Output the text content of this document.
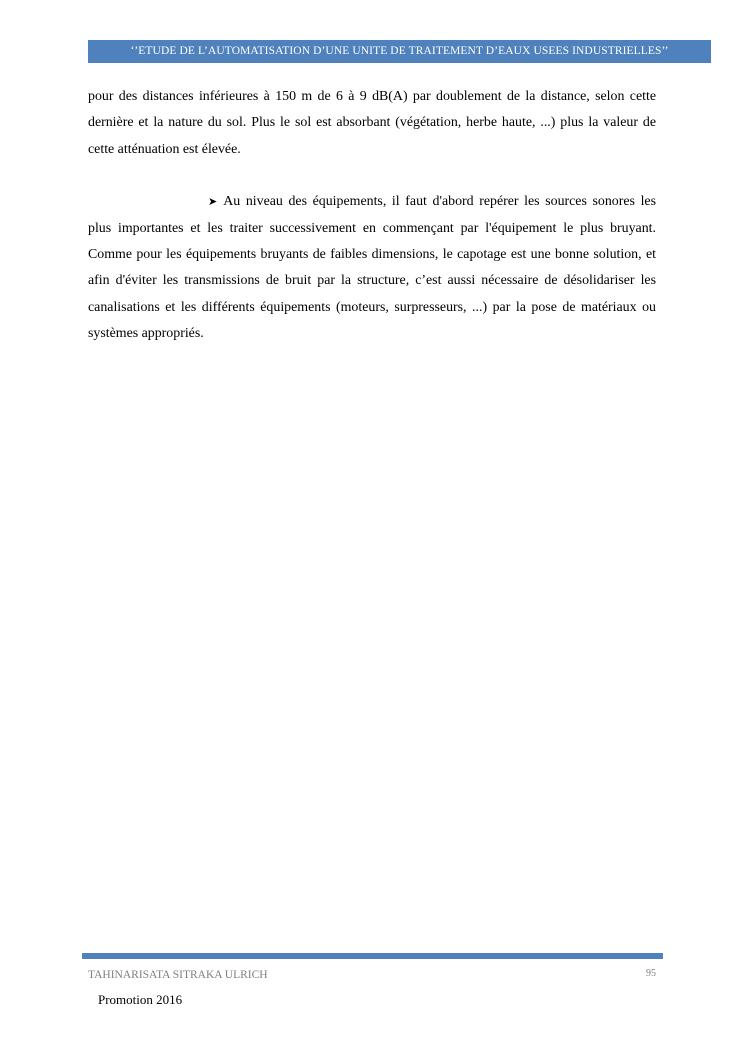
‘’ETUDE DE L’AUTOMATISATION D’UNE UNITE DE TRAITEMENT D’EAUX USEES INDUSTRIELLES’’

pour des distances inférieures à 150 m de 6 à 9 dB(A) par doublement de la distance, selon cette dernière et la nature du sol. Plus le sol est absorbant (végétation, herbe haute, ...) plus la valeur de cette atténuation est élevée.

➤ Au niveau des équipements, il faut d'abord repérer les sources sonores les plus importantes et les traiter successivement en commençant par l'équipement le plus bruyant. Comme pour les équipements bruyants de faibles dimensions, le capotage est une bonne solution, et afin d'éviter les transmissions de bruit par la structure, c’est aussi nécessaire de désolidariser les canalisations et les différents équipements (moteurs, surpresseurs, ...) par la pose de matériaux ou systèmes appropriés.

TAHINARISATA SITRAKA ULRICH	95
Promotion 2016
